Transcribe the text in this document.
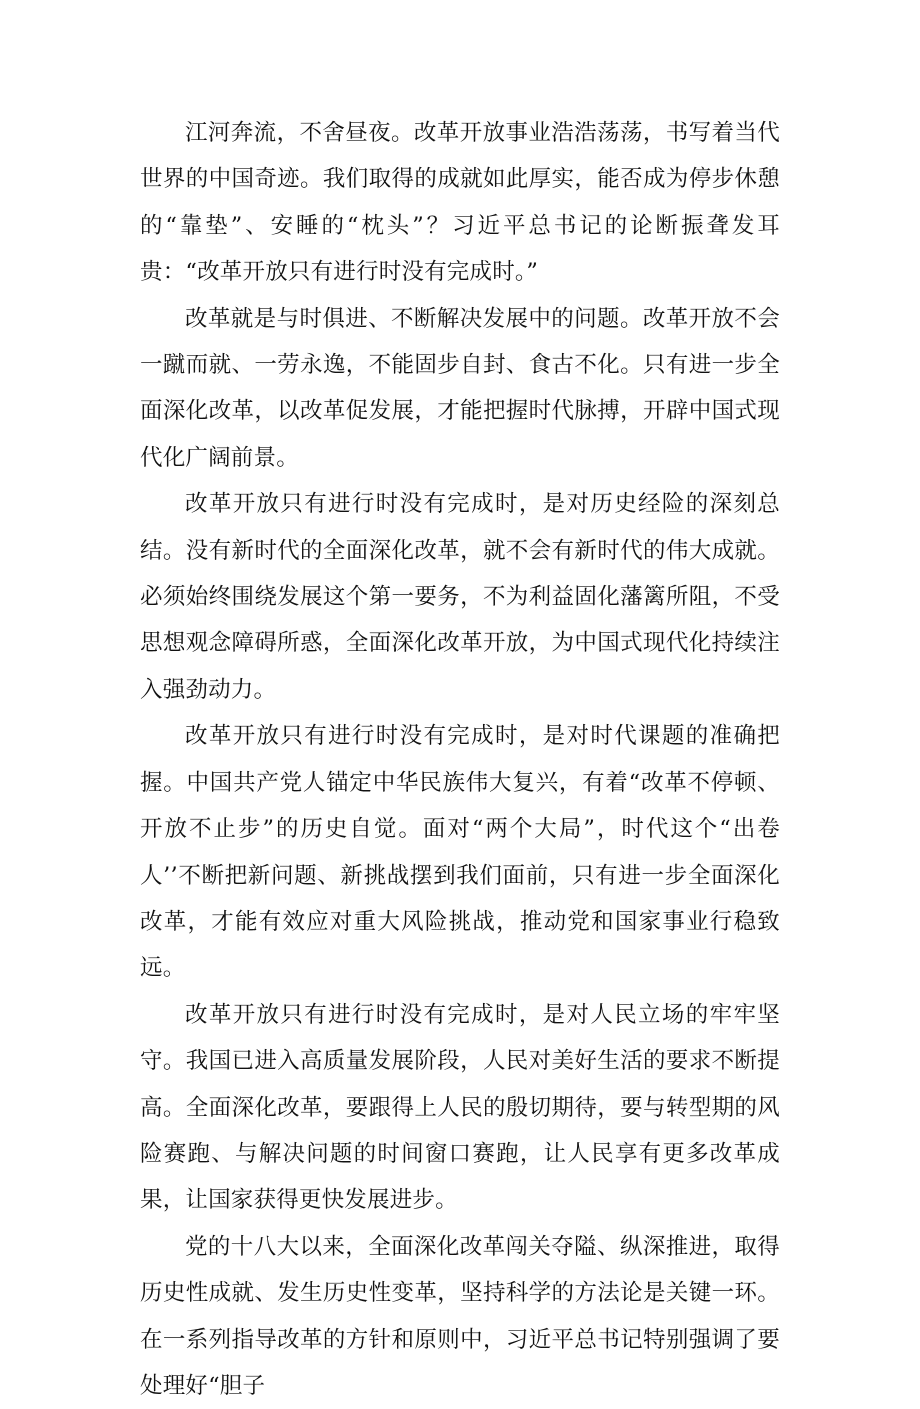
江河奔流，不舍昼夜。改革开放事业浩浩荡荡，书写着当代世界的中国奇迹。我们取得的成就如此厚实，能否成为停步休憩的“靠垫”、安睡的“枕头”？习近平总书记的论断振聋发耳贵：“改革开放只有进行时没有完成时。”

改革就是与时俱进、不断解决发展中的问题。改革开放不会一蹴而就、一劳永逸，不能固步自封、食古不化。只有进一步全面深化改革，以改革促发展，才能把握时代脉搏，开辟中国式现代化广阔前景。

改革开放只有进行时没有完成时，是对历史经险的深刻总结。没有新时代的全面深化改革，就不会有新时代的伟大成就。必须始终围绕发展这个第一要务，不为利益固化藩篱所阻，不受思想观念障碍所惑，全面深化改革开放，为中国式现代化持续注入强劲动力。

改革开放只有进行时没有完成时，是对时代课题的准确把握。中国共产党人锚定中华民族伟大复兴，有着“改革不停顿、开放不止步”的历史自觉。面对“两个大局”，时代这个“出卷人’’不断把新问题、新挑战摆到我们面前，只有进一步全面深化改革，才能有效应对重大风险挑战，推动党和国家事业行稳致远。

改革开放只有进行时没有完成时，是对人民立场的牢牢坚守。我国已进入高质量发展阶段，人民对美好生活的要求不断提高。全面深化改革，要跟得上人民的殷切期待，要与转型期的风险赛跑、与解决问题的时间窗口赛跑，让人民享有更多改革成果，让国家获得更快发展进步。

党的十八大以来，全面深化改革闯关夺隘、纵深推进，取得历史性成就、发生历史性变革，坚持科学的方法论是关键一环。在一系列指导改革的方针和原则中，习近平总书记特别强调了要处理好“胆子
